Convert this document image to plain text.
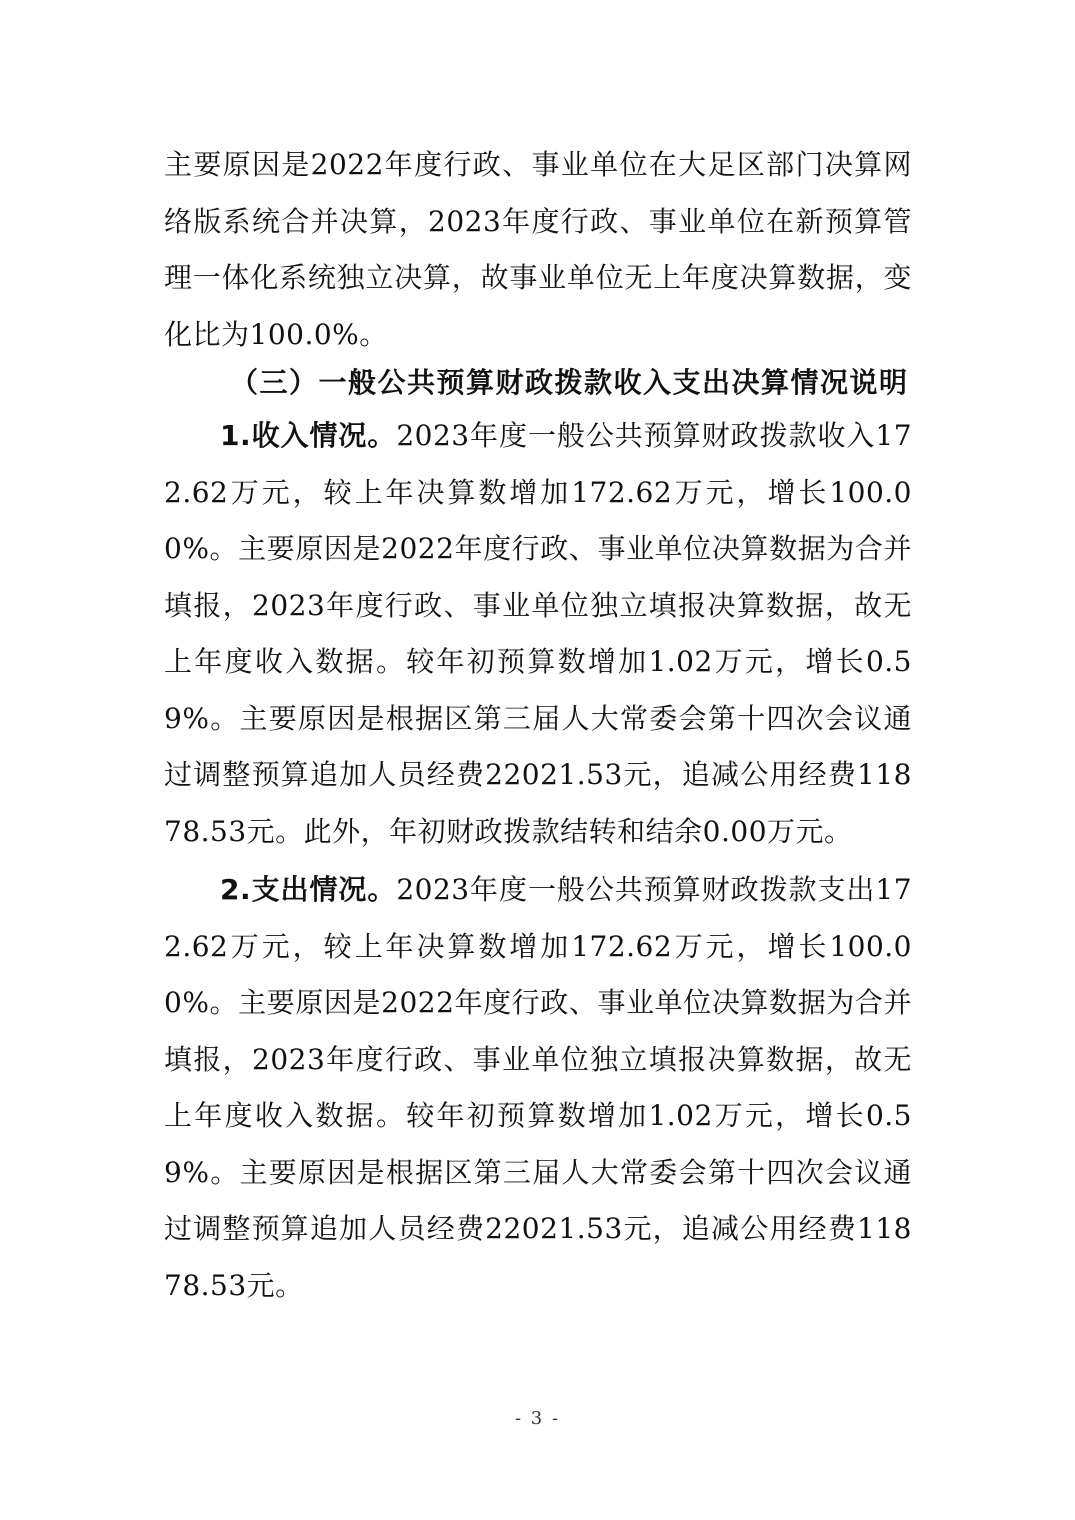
主要原因是2022年度行政、事业单位在大足区部门决算网络版系统合并决算，2023年度行政、事业单位在新预算管理一体化系统独立决算，故事业单位无上年度决算数据，变化比为100.0%。

（三）一般公共预算财政拨款收入支出决算情况说明

1.收入情况。2023年度一般公共预算财政拨款收入172.62万元，较上年决算数增加172.62万元，增长100.00%。主要原因是2022年度行政、事业单位决算数据为合并填报，2023年度行政、事业单位独立填报决算数据，故无上年度收入数据。较年初预算数增加1.02万元，增长0.59%。主要原因是根据区第三届人大常委会第十四次会议通过调整预算追加人员经费22021.53元，追减公用经费11878.53元。此外，年初财政拨款结转和结余0.00万元。

2.支出情况。2023年度一般公共预算财政拨款支出172.62万元，较上年决算数增加172.62万元，增长100.00%。主要原因是2022年度行政、事业单位决算数据为合并填报，2023年度行政、事业单位独立填报决算数据，故无上年度收入数据。较年初预算数增加1.02万元，增长0.59%。主要原因是根据区第三届人大常委会第十四次会议通过调整预算追加人员经费22021.53元，追减公用经费11878.53元。

- 3 -
